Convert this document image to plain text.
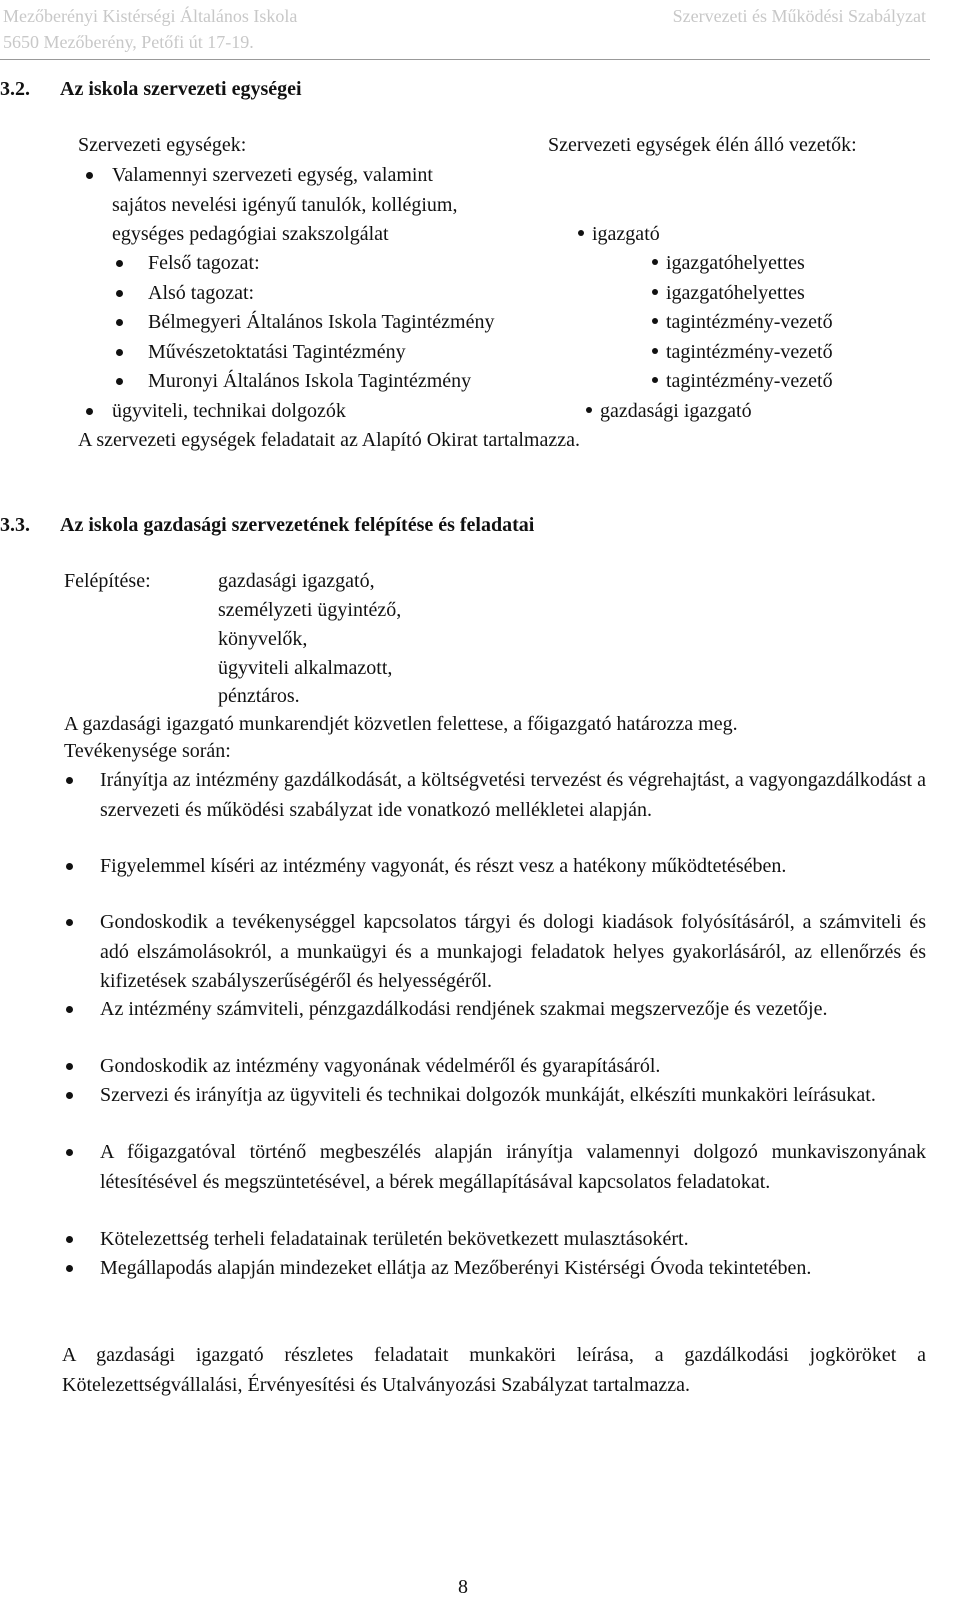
Mezőberényi Kistérségi Általános Iskola
5650 Mezőberény, Petőfi út 17-19.
Szervezeti és Működési Szabályzat
3.2. Az iskola szervezeti egységei
Szervezeti egységek:	Szervezeti egységek élén álló vezetők:
Valamennyi szervezeti egység, valamint
sajátos nevelési igényű tanulók, kollégium,
egységes pedagógiai szakszolgálat	igazgató
Felső tagozat:	igazgatóhelyettes
Alsó tagozat:	igazgatóhelyettes
Bélmegyeri Általános Iskola Tagintézmény	tagintézmény-vezető
Művészetoktatási Tagintézmény	tagintézmény-vezető
Muronyi Általános Iskola Tagintézmény	tagintézmény-vezető
ügyviteli, technikai dolgozók	gazdasági igazgató
A szervezeti egységek feladatait az Alapító Okirat tartalmazza.
3.3. Az iskola gazdasági szervezetének felépítése és feladatai
Felépítése:	gazdasági igazgató,
személyzeti ügyintéző,
könyvelők,
ügyviteli alkalmazott,
pénztáros.
A gazdasági igazgató munkarendjét közvetlen felettese, a főigazgató határozza meg.
Tevékenysége során:
Irányítja az intézmény gazdálkodását, a költségvetési tervezést és végrehajtást, a vagyongazdálkodást a szervezeti és működési szabályzat ide vonatkozó mellékletei alapján.
Figyelemmel kíséri az intézmény vagyonát, és részt vesz a hatékony működtetésében.
Gondoskodik a tevékenységgel kapcsolatos tárgyi és dologi kiadások folyósításáról, a számviteli és adó elszámolásokról, a munkaügyi és a munkajogi feladatok helyes gyakorlásáról, az ellenőrzés és kifizetések szabályszerűségéről és helyességéről.
Az intézmény számviteli, pénzgazdálkodási rendjének szakmai megszervezője és vezetője.
Gondoskodik az intézmény vagyonának védelméről és gyarapításáról.
Szervezi és irányítja az ügyviteli és technikai dolgozók munkáját, elkészíti munkaköri leírásukat.
A főigazgatóval történő megbeszélés alapján irányítja valamennyi dolgozó munkaviszonyának létesítésével és megszüntetésével, a bérek megállapításával kapcsolatos feladatokat.
Kötelezettség terheli feladatainak területén bekövetkezett mulasztásokért.
Megállapodás alapján mindezeket ellátja az Mezőberényi Kistérségi Óvoda tekintetében.
A gazdasági igazgató részletes feladatait munkaköri leírása, a gazdálkodási jogköröket a Kötelezettségvállalási, Érvényesítési és Utalványozási Szabályzat tartalmazza.
8
